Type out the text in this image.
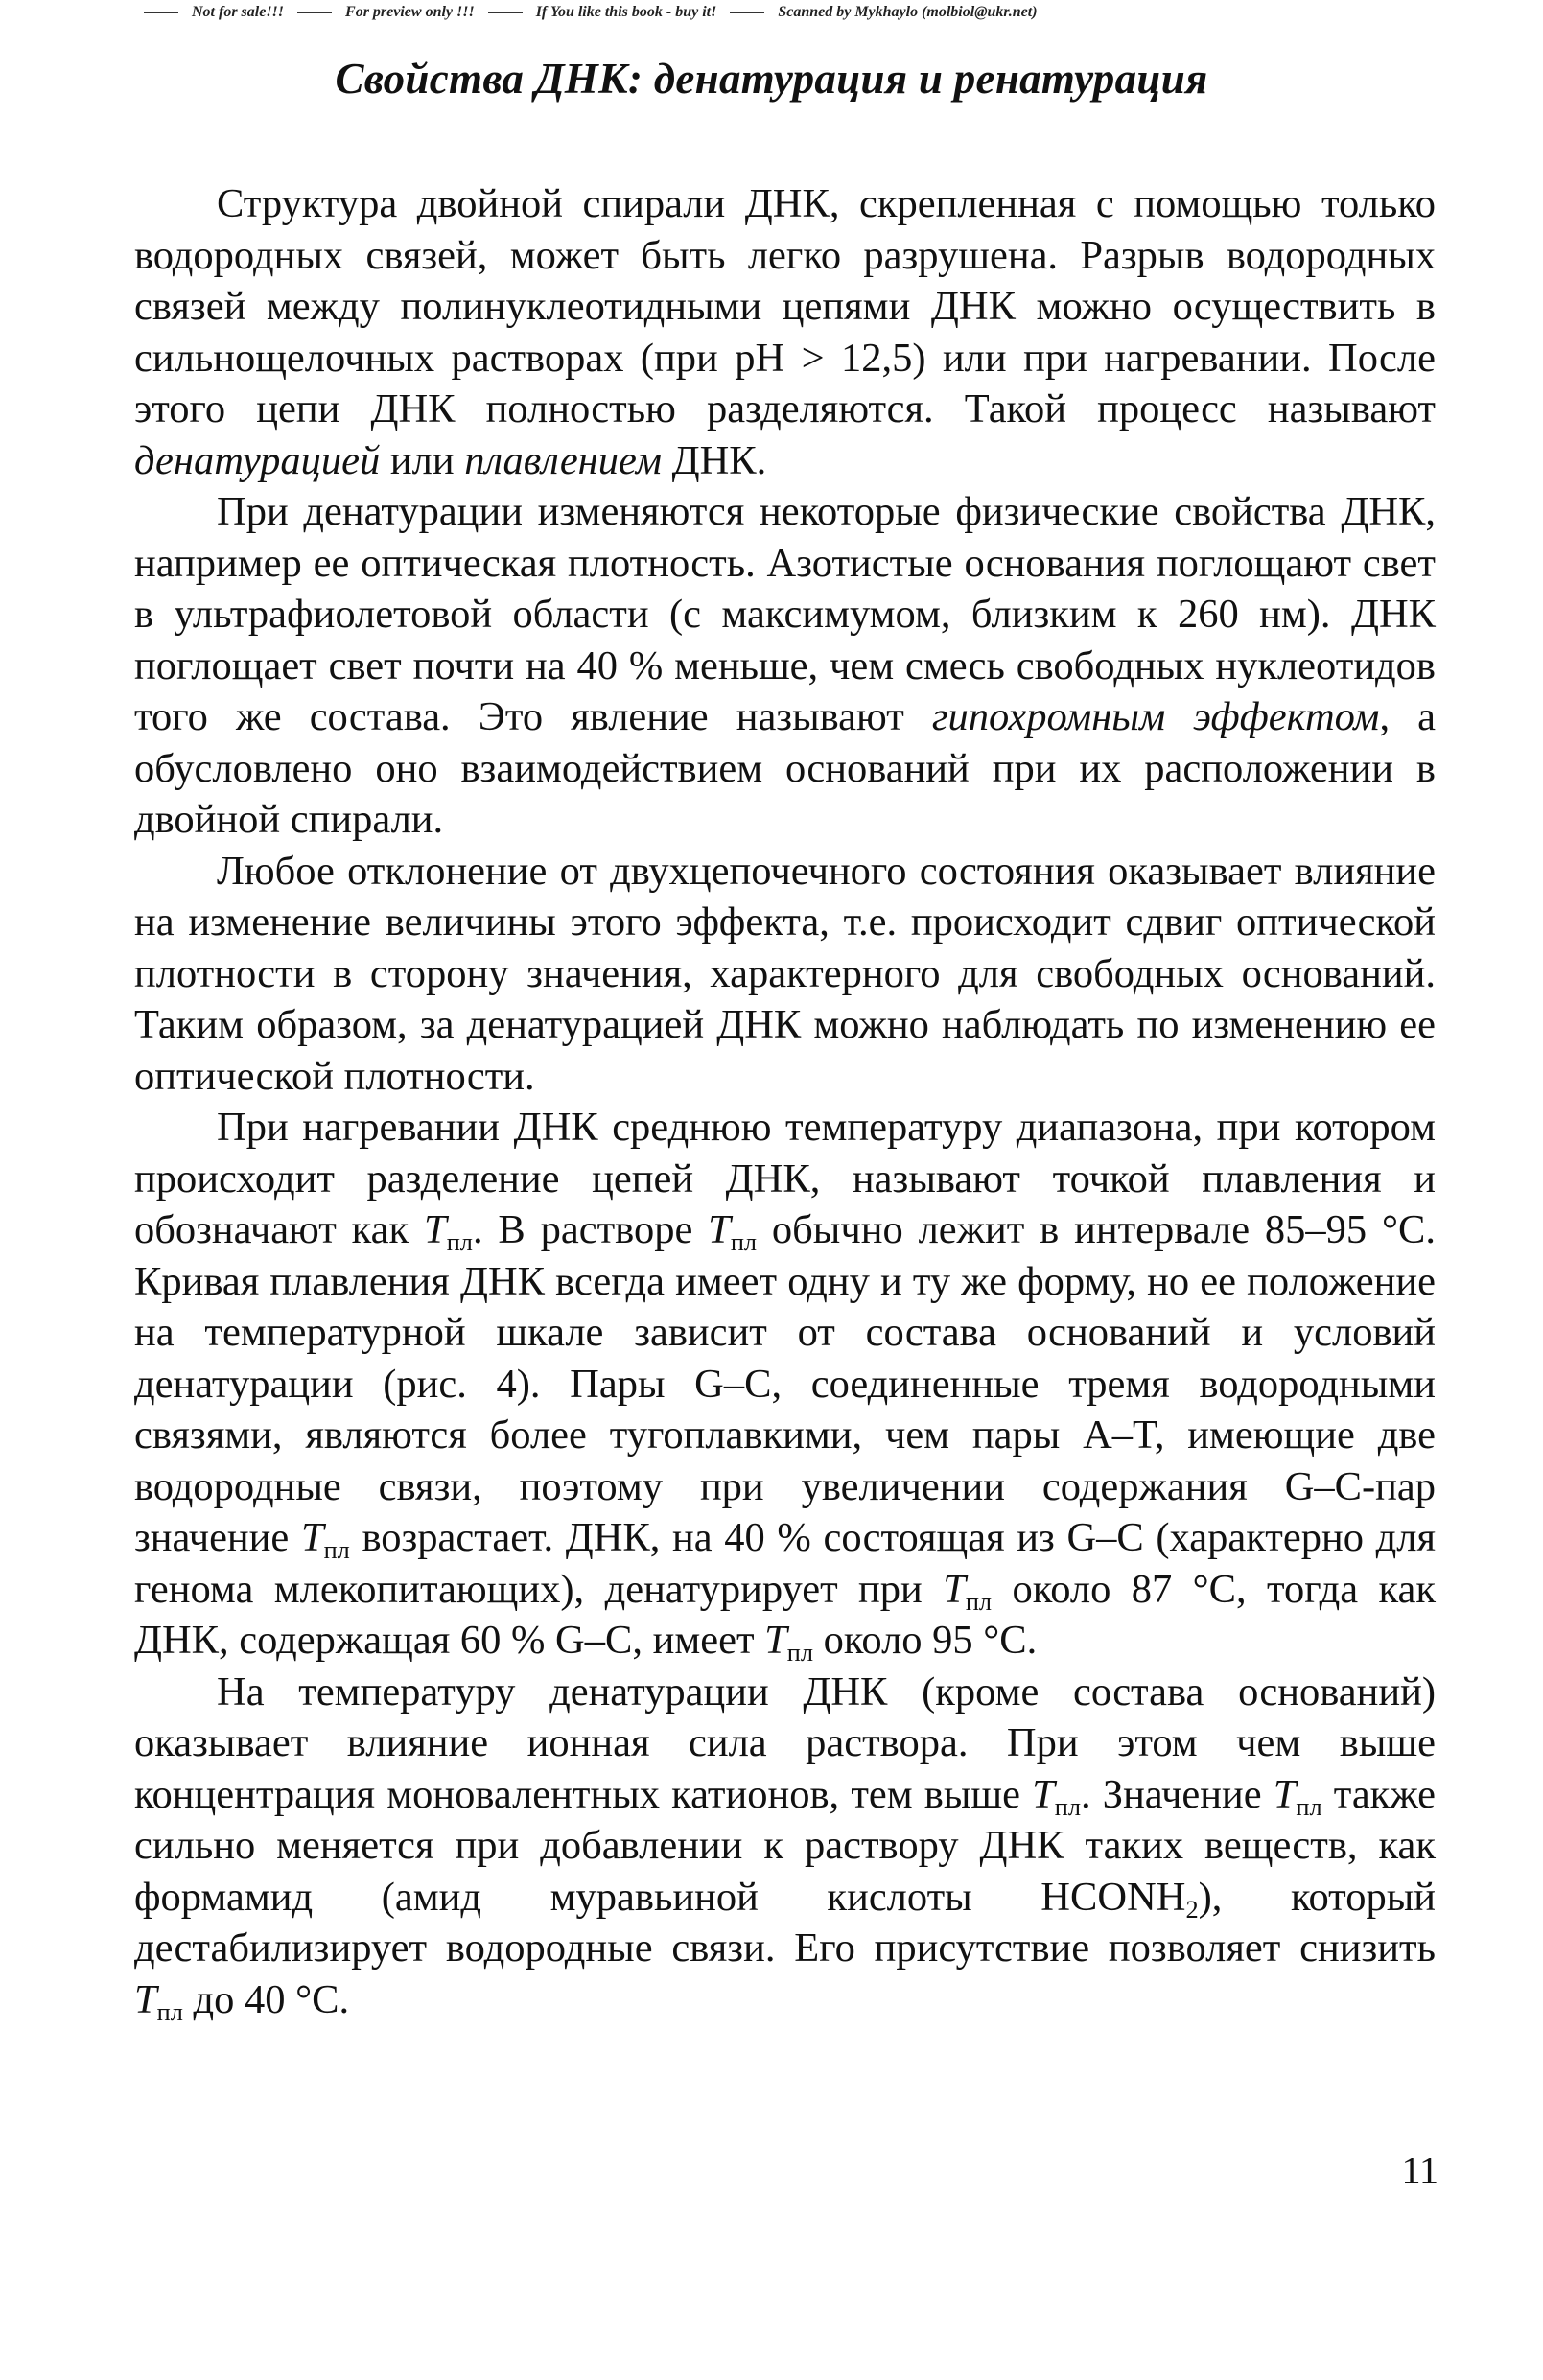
Not for sale!!!	For preview only !!!	If You like this book - buy it!	Scanned by Mykhaylo (molbiol@ukr.net)
Свойства ДНК: денатурация и ренатурация

Структура двойной спирали ДНК, скрепленная с помощью только водородных связей, может быть легко разрушена. Разрыв водородных связей между полинуклеотидными цепями ДНК можно осуществить в сильнощелочных растворах (при pH > 12,5) или при нагревании. После этого цепи ДНК полностью разделяются. Такой процесс называют денатурацией или плавлением ДНК.

При денатурации изменяются некоторые физические свойства ДНК, например ее оптическая плотность. Азотистые основания поглощают свет в ультрафиолетовой области (с максимумом, близким к 260 нм). ДНК поглощает свет почти на 40 % меньше, чем смесь свободных нуклеотидов того же состава. Это явление называют гипохромным эффектом, а обусловлено оно взаимодействием оснований при их расположении в двойной спирали.

Любое отклонение от двухцепочечного состояния оказывает влияние на изменение величины этого эффекта, т.е. происходит сдвиг оптической плотности в сторону значения, характерного для свободных оснований. Таким образом, за денатурацией ДНК можно наблюдать по изменению ее оптической плотности.

При нагревании ДНК среднюю температуру диапазона, при котором происходит разделение цепей ДНК, называют точкой плавления и обозначают как $T_{пл}$. В растворе $T_{пл}$ обычно лежит в интервале 85–95 °С. Кривая плавления ДНК всегда имеет одну и ту же форму, но ее положение на температурной шкале зависит от состава оснований и условий денатурации (рис. 4). Пары G–C, соединенные тремя водородными связями, являются более тугоплавкими, чем пары A–T, имеющие две водородные связи, поэтому при увеличении содержания G–C-пар значение $T_{пл}$ возрастает. ДНК, на 40 % состоящая из G–C (характерно для генома млекопитающих), денатурирует при $T_{пл}$ около 87 °С, тогда как ДНК, содержащая 60 % G–C, имеет $T_{пл}$ около 95 °С.

На температуру денатурации ДНК (кроме состава оснований) оказывает влияние ионная сила раствора. При этом чем выше концентрация моновалентных катионов, тем выше $T_{пл}$. Значение $T_{пл}$ также сильно меняется при добавлении к раствору ДНК таких веществ, как формамид (амид муравьиной кислоты $HCONH_2$), который дестабилизирует водородные связи. Его присутствие позволяет снизить $T_{пл}$ до 40 °С.

11
